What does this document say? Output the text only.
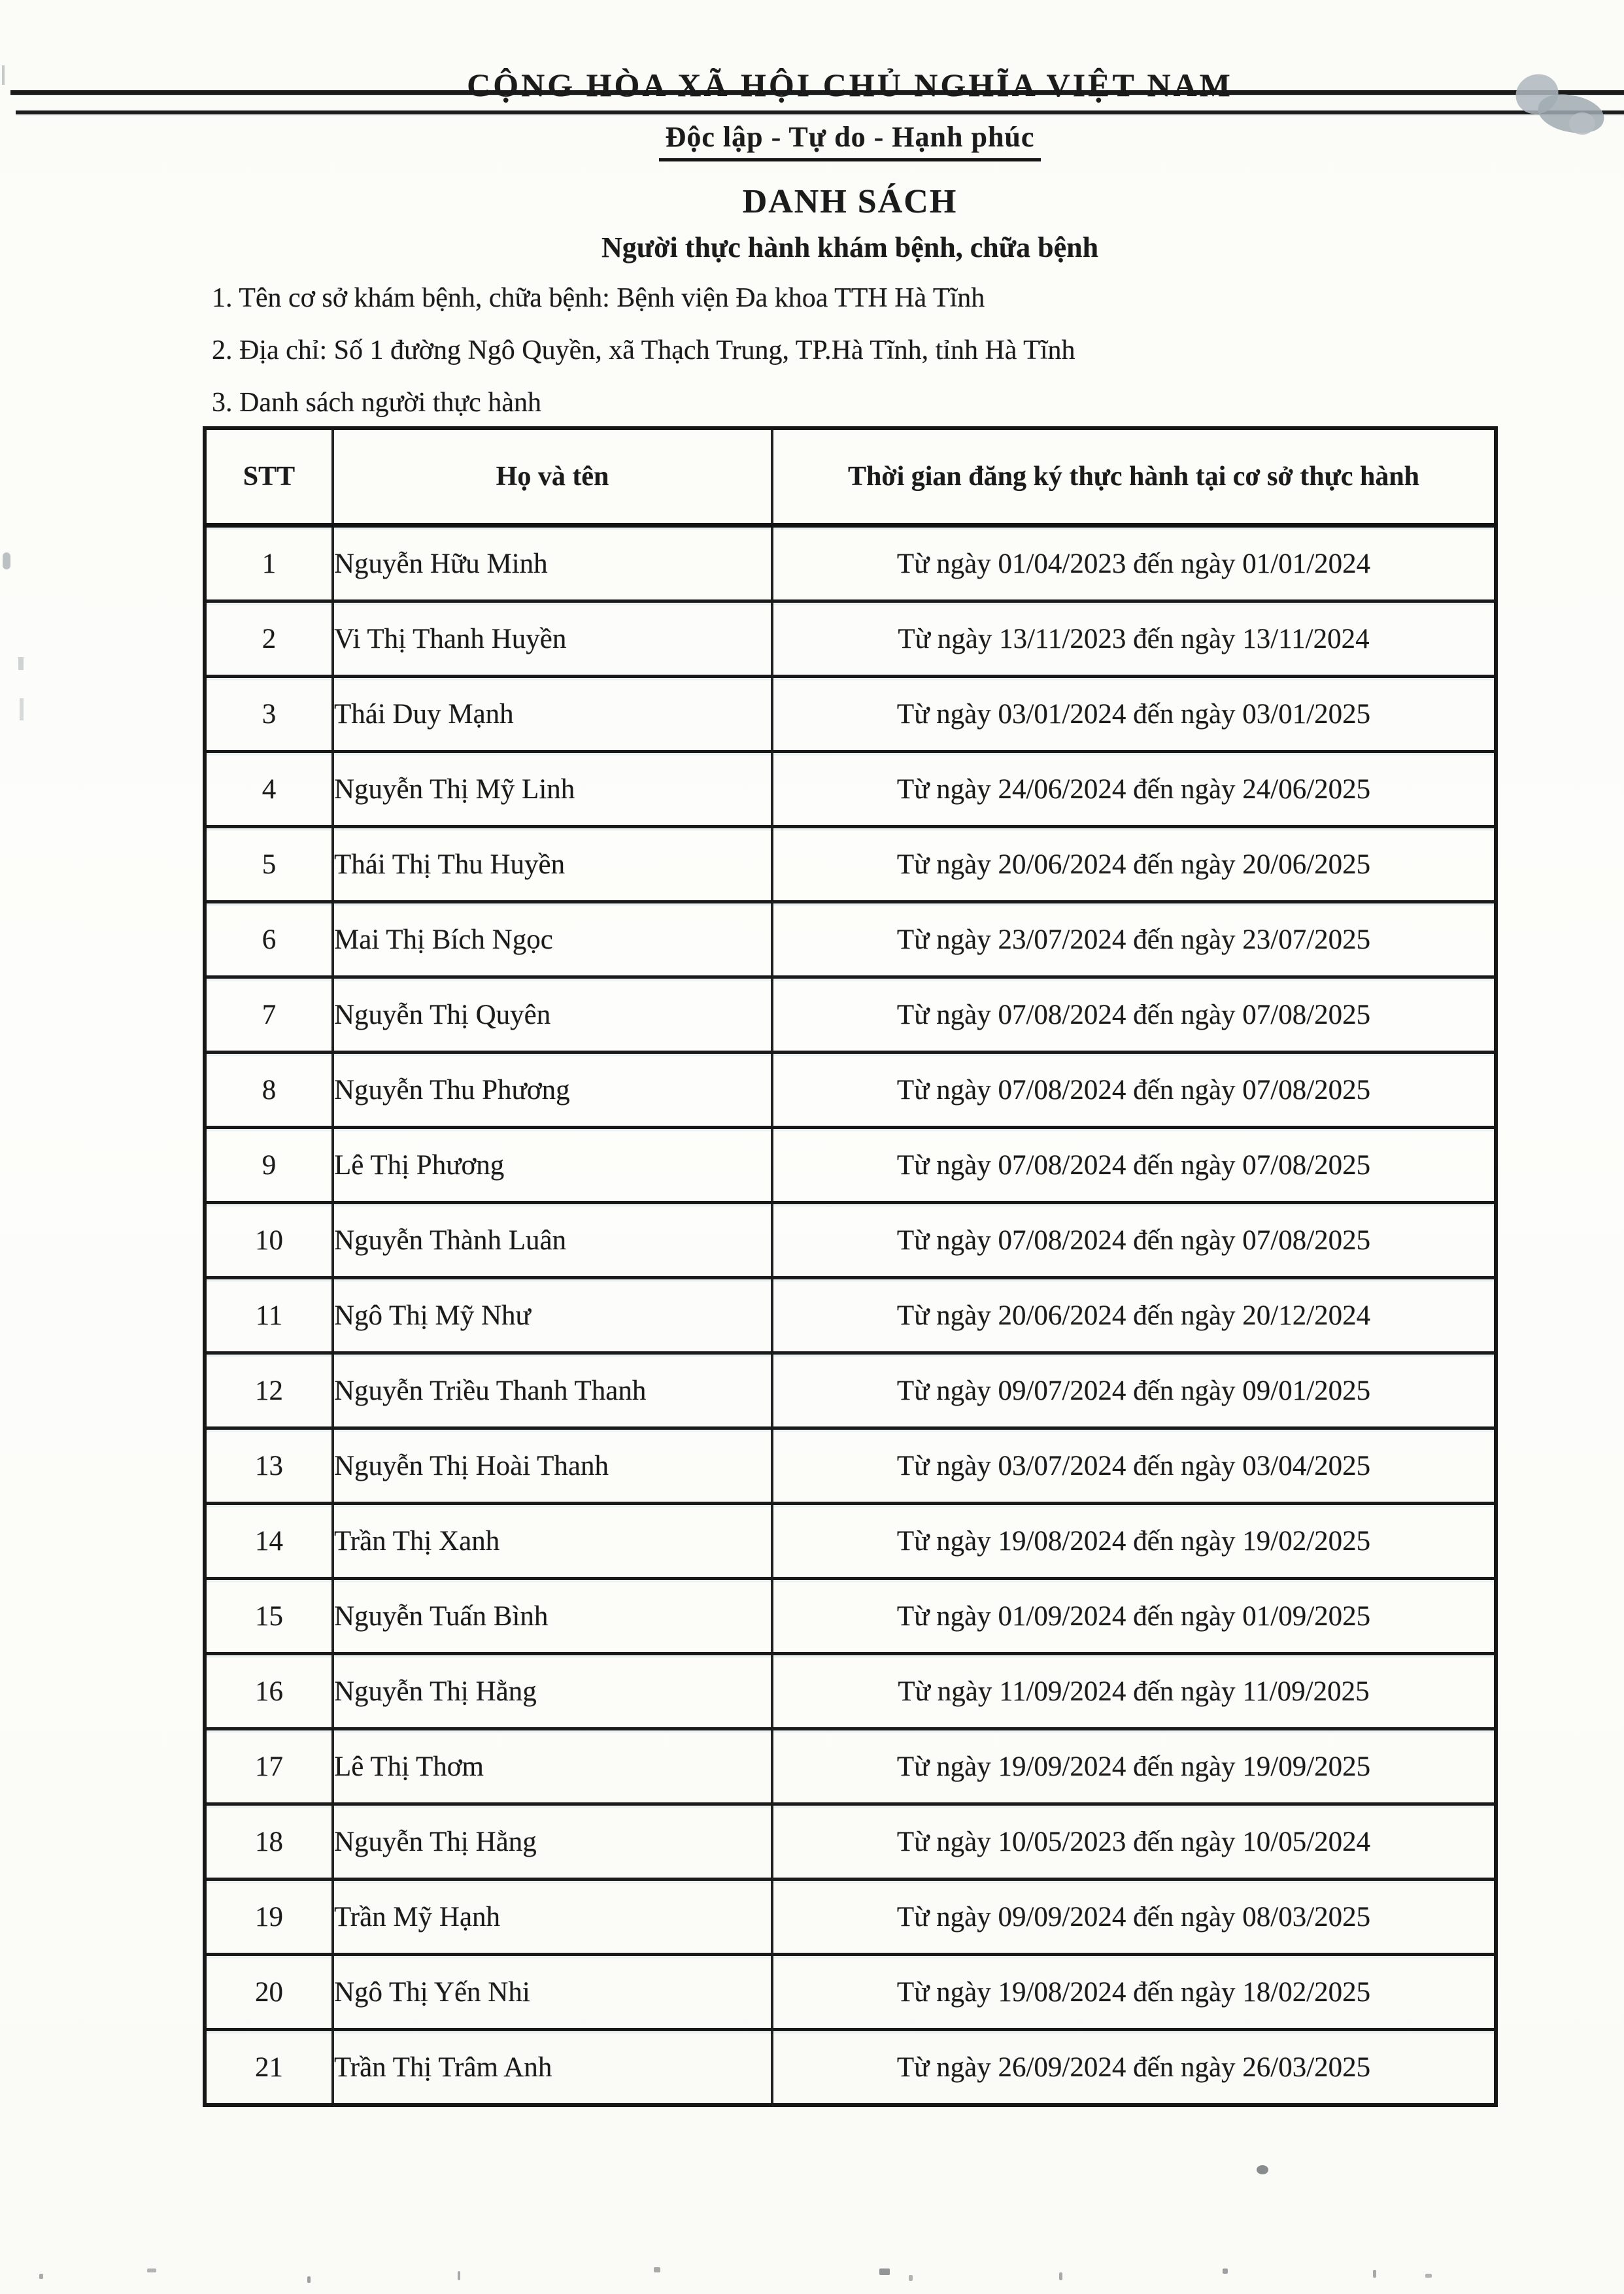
CỘNG HÒA XÃ HỘI CHỦ NGHĨA VIỆT NAM
Độc lập - Tự do - Hạnh phúc
DANH SÁCH
Người thực hành khám bệnh, chữa bệnh

1. Tên cơ sở khám bệnh, chữa bệnh: Bệnh viện Đa khoa TTH Hà Tĩnh

2. Địa chỉ: Số 1 đường Ngô Quyền, xã Thạch Trung, TP.Hà Tĩnh, tỉnh Hà Tĩnh

3. Danh sách người thực hành

STT	Họ và tên	Thời gian đăng ký thực hành tại cơ sở thực hành
1	Nguyễn Hữu Minh	Từ ngày 01/04/2023 đến ngày 01/01/2024
2	Vi Thị Thanh Huyền	Từ ngày 13/11/2023 đến ngày 13/11/2024
3	Thái Duy Mạnh	Từ ngày 03/01/2024 đến ngày 03/01/2025
4	Nguyễn Thị Mỹ Linh	Từ ngày 24/06/2024 đến ngày 24/06/2025
5	Thái Thị Thu Huyền	Từ ngày 20/06/2024 đến ngày 20/06/2025
6	Mai Thị Bích Ngọc	Từ ngày 23/07/2024 đến ngày 23/07/2025
7	Nguyễn Thị Quyên	Từ ngày 07/08/2024 đến ngày 07/08/2025
8	Nguyễn Thu Phương	Từ ngày 07/08/2024 đến ngày 07/08/2025
9	Lê Thị Phương	Từ ngày 07/08/2024 đến ngày 07/08/2025
10	Nguyễn Thành Luân	Từ ngày 07/08/2024 đến ngày 07/08/2025
11	Ngô Thị Mỹ Như	Từ ngày 20/06/2024 đến ngày 20/12/2024
12	Nguyễn Triều Thanh Thanh	Từ ngày 09/07/2024 đến ngày 09/01/2025
13	Nguyễn Thị Hoài Thanh	Từ ngày 03/07/2024 đến ngày 03/04/2025
14	Trần Thị Xanh	Từ ngày 19/08/2024 đến ngày 19/02/2025
15	Nguyễn Tuấn Bình	Từ ngày 01/09/2024 đến ngày 01/09/2025
16	Nguyễn Thị Hằng	Từ ngày 11/09/2024 đến ngày 11/09/2025
17	Lê Thị Thơm	Từ ngày 19/09/2024 đến ngày 19/09/2025
18	Nguyễn Thị Hằng	Từ ngày 10/05/2023 đến ngày 10/05/2024
19	Trần Mỹ Hạnh	Từ ngày 09/09/2024 đến ngày 08/03/2025
20	Ngô Thị Yến Nhi	Từ ngày 19/08/2024 đến ngày 18/02/2025
21	Trần Thị Trâm Anh	Từ ngày 26/09/2024 đến ngày 26/03/2025
